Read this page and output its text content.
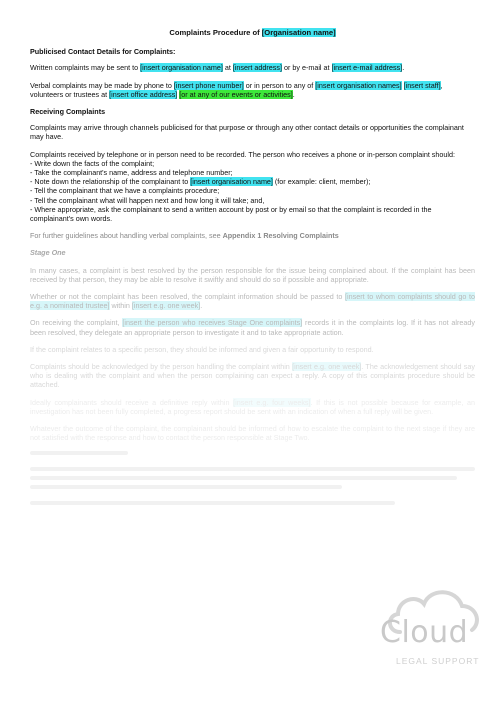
Complaints Procedure of [Organisation name]
Publicised Contact Details for Complaints:

Written complaints may be sent to [insert organisation name] at [insert address] or by e-mail at [insert e-mail address].

Verbal complaints may be made by phone to [insert phone number] or in person to any of [insert organisation names] [insert staff], volunteers or trustees at [insert office address] [or at any of our events or activities].

Receiving Complaints

Complaints may arrive through channels publicised for that purpose or through any other contact details or opportunities the complainant may have.

Complaints received by telephone or in person need to be recorded. The person who receives a phone or in-person complaint should:
- Write down the facts of the complaint;
- Take the complainant's name, address and telephone number;
- Note down the relationship of the complainant to [insert organisation name] (for example: client, member);
- Tell the complainant that we have a complaints procedure;
- Tell the complainant what will happen next and how long it will take; and,
- Where appropriate, ask the complainant to send a written account by post or by email so that the complaint is recorded in the complainant's own words.

For further guidelines about handling verbal complaints, see Appendix 1 Resolving Complaints

Stage One

In many cases, a complaint is best resolved by the person responsible for the issue being complained about. If the complaint has been received by that person, they may be able to resolve it swiftly and should do so if possible and appropriate.

Whether or not the complaint has been resolved, the complaint information should be passed to [insert to whom complaints should go to e.g. a nominated trustee] within [insert e.g. one week].

On receiving the complaint, [insert the person who receives Stage One complaints] records it in the complaints log. If it has not already been resolved, they delegate an appropriate person to investigate it and to take appropriate action.

If the complaint relates to a specific person, they should be informed and given a fair opportunity to respond.

Complaints should be acknowledged by the person handling the complaint within [insert e.g. one week]. The acknowledgement should say who is dealing with the complaint and when the person complaining can expect a reply. A copy of this complaints procedure should be attached.

Ideally complainants should receive a definitive reply within [insert e.g. four weeks]. If this is not possible because for example, an investigation has not been fully completed, a progress report should be sent with an indication of when a full reply will be given.

Whatever the outcome of the complaint, the complainant should be informed of how to escalate the complaint to the next stage if they are not satisfied with the response and how to contact the person responsible at Stage Two.

Cloud
LEGAL SUPPORT
